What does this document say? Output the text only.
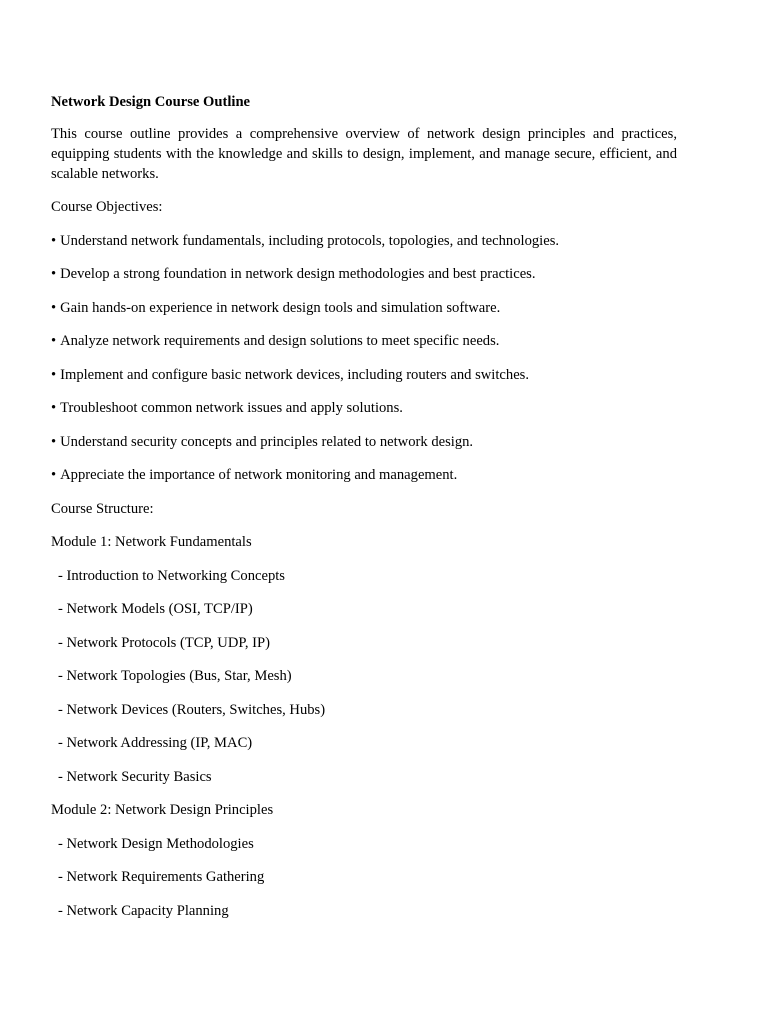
Network Design Course Outline

This course outline provides a comprehensive overview of network design principles and practices, equipping students with the knowledge and skills to design, implement, and manage secure, efficient, and scalable networks.

Course Objectives:
• Understand network fundamentals, including protocols, topologies, and technologies.
• Develop a strong foundation in network design methodologies and best practices.
• Gain hands-on experience in network design tools and simulation software.
• Analyze network requirements and design solutions to meet specific needs.
• Implement and configure basic network devices, including routers and switches.
• Troubleshoot common network issues and apply solutions.
• Understand security concepts and principles related to network design.
• Appreciate the importance of network monitoring and management.
Course Structure:
Module 1: Network Fundamentals
- Introduction to Networking Concepts
- Network Models (OSI, TCP/IP)
- Network Protocols (TCP, UDP, IP)
- Network Topologies (Bus, Star, Mesh)
- Network Devices (Routers, Switches, Hubs)
- Network Addressing (IP, MAC)
- Network Security Basics
Module 2: Network Design Principles
- Network Design Methodologies
- Network Requirements Gathering
- Network Capacity Planning
